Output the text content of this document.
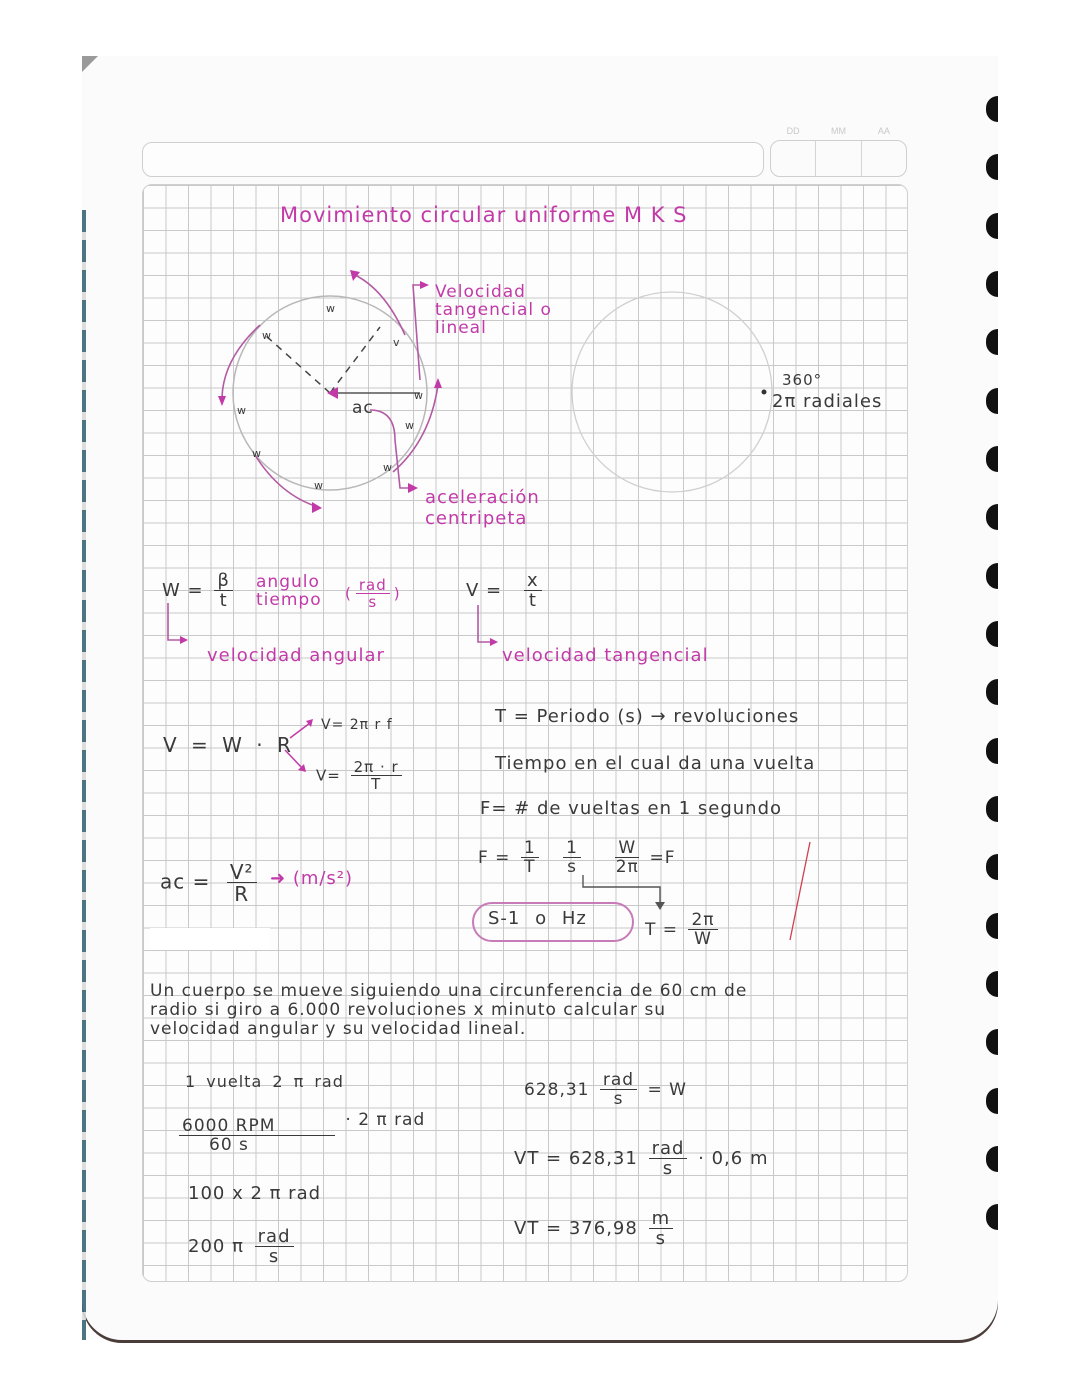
DD	MM	AA
Movimiento circular uniforme M K S
w
w
v
w
w
w
w
w
w
ac
Velocidad
tangencial o
lineal
aceleración
centripeta
360°
2π radiales
$W = \frac{\beta}{t}$ angulo
tiempo ( $\frac{\text{rad}}{s}$ )
velocidad angular
$V = \frac{x}{t}$
velocidad tangencial
V = W · R
V= 2π r f
$V= \frac{2\pi \cdot r}{T}$
T = Periodo (s) → revoluciones
Tiempo en el cual da una vuelta
F= # de vueltas en 1 segundo
ac = $\frac{\text{V²}}{R}$ ➜ (m/s²)
$F = \frac{1}{T}$
$\frac{1}{s}$
$\frac{W}{2\pi} =F$
S-1 o Hz
$T = \frac{2\pi}{W}$
Un cuerpo se mueve siguiendo una circunferencia de 60 cm de
radio si giro a 6.000 revoluciones x minuto calcular su
velocidad angular y su velocidad lineal.
1 vuelta 2 π rad
$\frac{\text{6000 RPM}}{60 s} \cdot 2$ π rad
100 x 2 π rad
200 π $\frac{\text{rad}}{s}$
$628,31 \frac{\text{rad}}{s} = W$
VT = $628,31 \frac{\text{rad}}{s} \cdot 0,6$ m
VT = $376,98 \frac{m}{s}$
